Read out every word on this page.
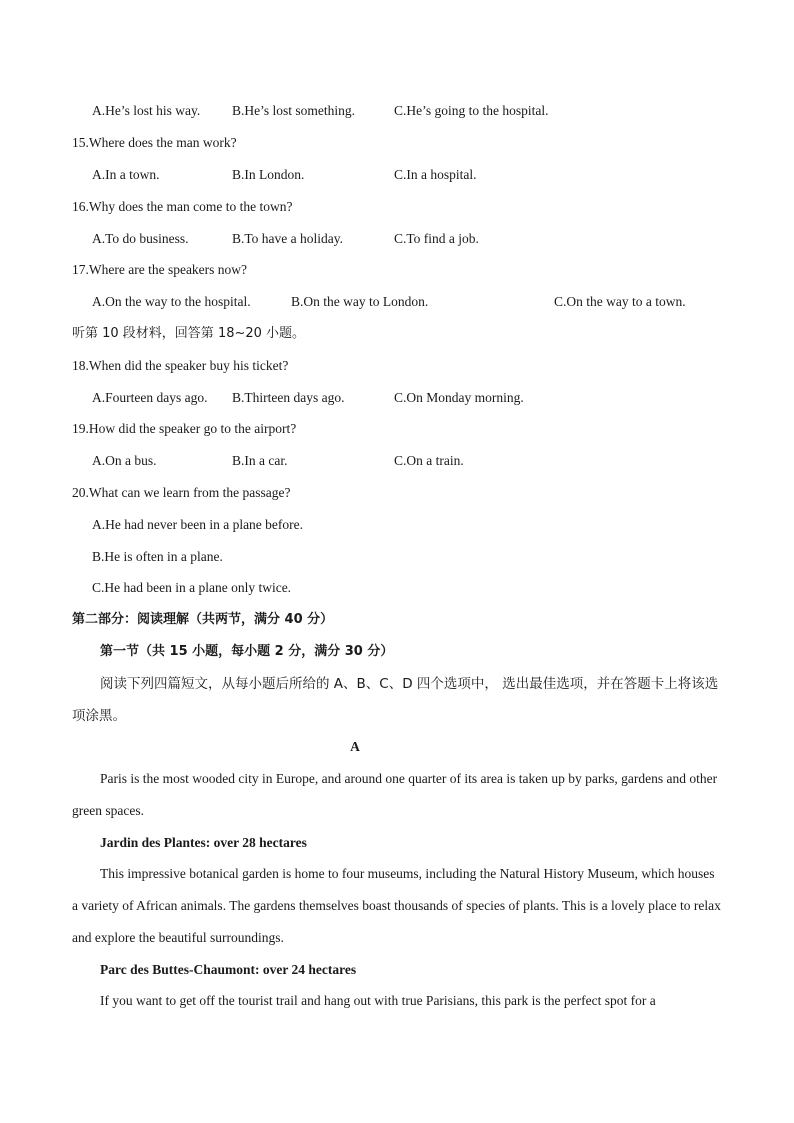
A.He’s lost his way. B.He’s lost something.	C.He’s going to the hospital.
15.Where does the man work?
A.In a town.	B.In London.	C.In a hospital.
16.Why does the man come to the town?
A.To do business.	B.To have a holiday.	C.To find a job.
17.Where are the speakers now?
A.On the way to the hospital.	B.On the way to London.	C.On the way to a town.
听第 10 段材料，回答第 18~20 小题。
18.When did the speaker buy his ticket?
A.Fourteen days ago. B.Thirteen days ago.	C.On Monday morning.
19.How did the speaker go to the airport?
A.On a bus.	B.In a car.	C.On a train.
20.What can we learn from the passage?
A.He had never been in a plane before.
B.He is often in a plane.
C.He had been in a plane only twice.
第二部分：阅读理解（共两节，满分 40 分）
第一节（共 15 小题，每小题 2 分，满分 30 分）
阅读下列四篇短文，从每小题后所给的 A、B、C、D 四个选项中， 选出最佳选项，并在答题卡上将该选项涂黑。
A
Paris is the most wooded city in Europe, and around one quarter of its area is taken up by parks, gardens and other green spaces.
Jardin des Plantes: over 28 hectares
This impressive botanical garden is home to four museums, including the Natural History Museum, which houses a variety of African animals. The gardens themselves boast thousands of species of plants. This is a lovely place to relax and explore the beautiful surroundings.
Parc des Buttes-Chaumont: over 24 hectares
If you want to get off the tourist trail and hang out with true Parisians, this park is the perfect spot for a
